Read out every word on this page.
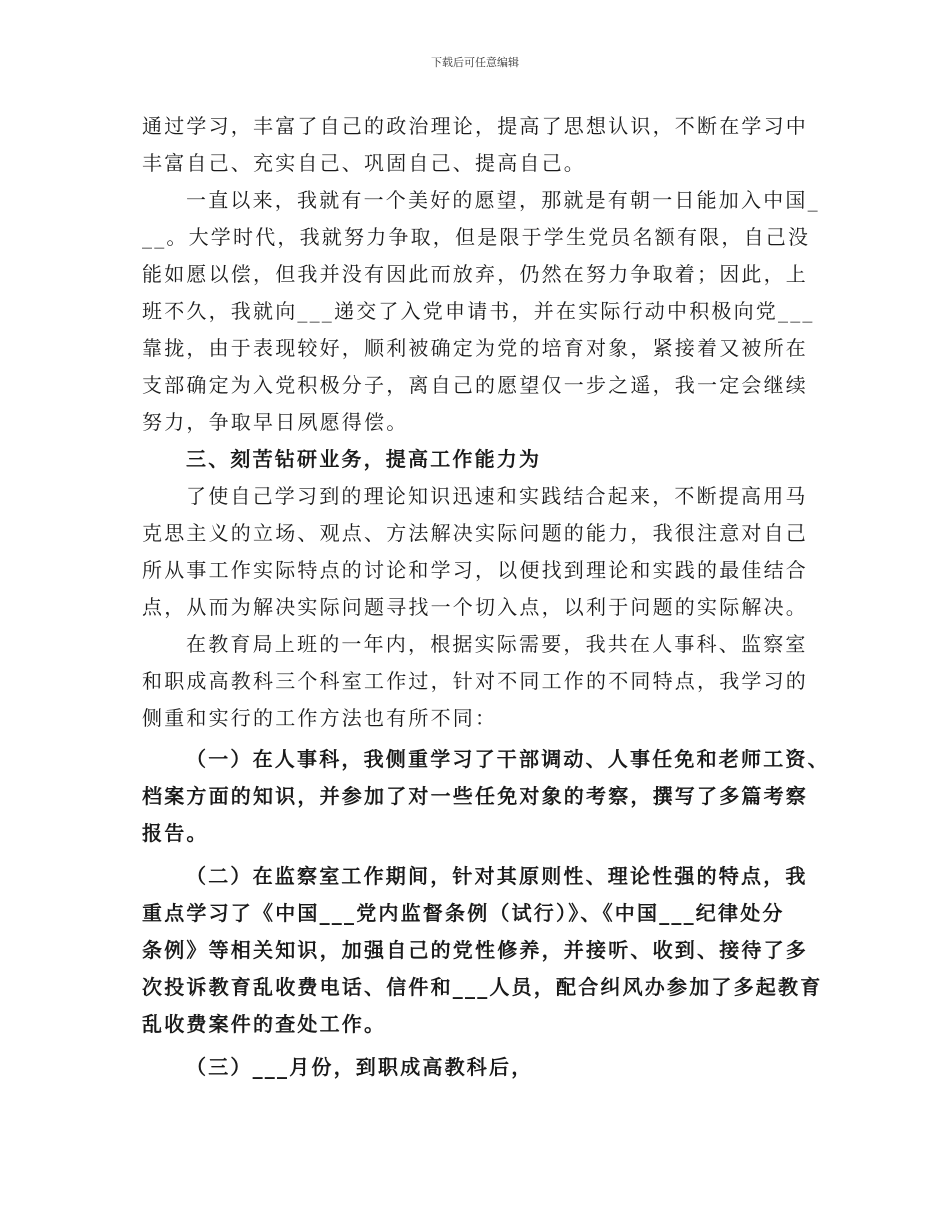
下载后可任意编辑
通过学习，丰富了自己的政治理论，提高了思想认识，不断在学习中
丰富自己、充实自己、巩固自己、提高自己。
一直以来，我就有一个美好的愿望，那就是有朝一日能加入中国_
__。大学时代，我就努力争取，但是限于学生党员名额有限，自己没
能如愿以偿，但我并没有因此而放弃，仍然在努力争取着；因此，上
班不久，我就向___递交了入党申请书，并在实际行动中积极向党___
靠拢，由于表现较好，顺利被确定为党的培育对象，紧接着又被所在
支部确定为入党积极分子，离自己的愿望仅一步之遥，我一定会继续
努力，争取早日夙愿得偿。
三、刻苦钻研业务，提高工作能力为
了使自己学习到的理论知识迅速和实践结合起来，不断提高用马
克思主义的立场、观点、方法解决实际问题的能力，我很注意对自己
所从事工作实际特点的讨论和学习，以便找到理论和实践的最佳结合
点，从而为解决实际问题寻找一个切入点，以利于问题的实际解决。
在教育局上班的一年内，根据实际需要，我共在人事科、监察室
和职成高教科三个科室工作过，针对不同工作的不同特点，我学习的
侧重和实行的工作方法也有所不同：
（一）在人事科，我侧重学习了干部调动、人事任免和老师工资、
档案方面的知识，并参加了对一些任免对象的考察，撰写了多篇考察
报告。
（二）在监察室工作期间，针对其原则性、理论性强的特点，我
重点学习了《中国___党内监督条例（试行）》、《中国___纪律处分
条例》等相关知识，加强自己的党性修养，并接听、收到、接待了多
次投诉教育乱收费电话、信件和___人员，配合纠风办参加了多起教育
乱收费案件的查处工作。
（三）___月份，到职成高教科后，
